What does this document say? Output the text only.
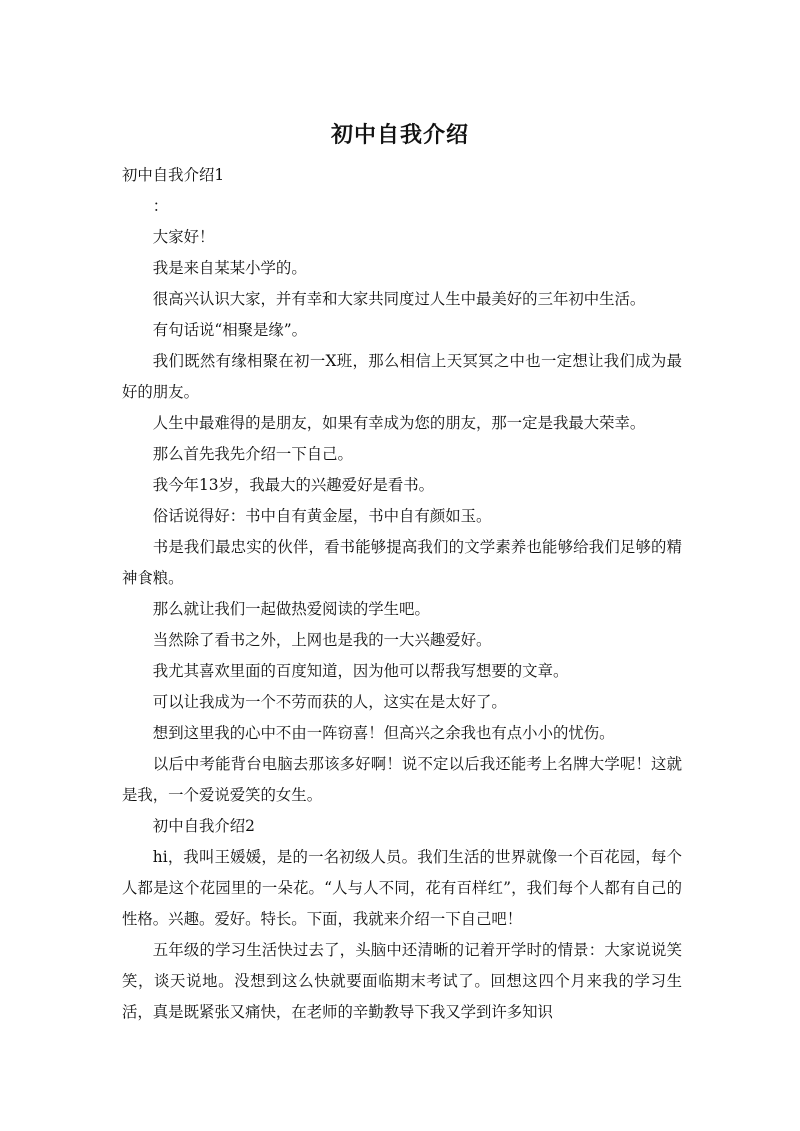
初中自我介绍

初中自我介绍1

：

大家好！

我是来自某某小学的。

很高兴认识大家，并有幸和大家共同度过人生中最美好的三年初中生活。

有句话说“相聚是缘”。

我们既然有缘相聚在初一X班，那么相信上天冥冥之中也一定想让我们成为最好的朋友。

人生中最难得的是朋友，如果有幸成为您的朋友，那一定是我最大荣幸。

那么首先我先介绍一下自己。

我今年13岁，我最大的兴趣爱好是看书。

俗话说得好：书中自有黄金屋，书中自有颜如玉。

书是我们最忠实的伙伴，看书能够提高我们的文学素养也能够给我们足够的精神食粮。

那么就让我们一起做热爱阅读的学生吧。

当然除了看书之外，上网也是我的一大兴趣爱好。

我尤其喜欢里面的百度知道，因为他可以帮我写想要的文章。

可以让我成为一个不劳而获的人，这实在是太好了。

想到这里我的心中不由一阵窃喜！但高兴之余我也有点小小的忧伤。

以后中考能背台电脑去那该多好啊！说不定以后我还能考上名牌大学呢！这就是我，一个爱说爱笑的女生。

初中自我介绍2

hi，我叫王媛媛，是的一名初级人员。我们生活的世界就像一个百花园，每个人都是这个花园里的一朵花。“人与人不同，花有百样红”，我们每个人都有自己的性格。兴趣。爱好。特长。下面，我就来介绍一下自己吧！

五年级的学习生活快过去了，头脑中还清晰的记着开学时的情景：大家说说笑笑，谈天说地。没想到这么快就要面临期末考试了。回想这四个月来我的学习生活，真是既紧张又痛快，在老师的辛勤教导下我又学到许多知识
